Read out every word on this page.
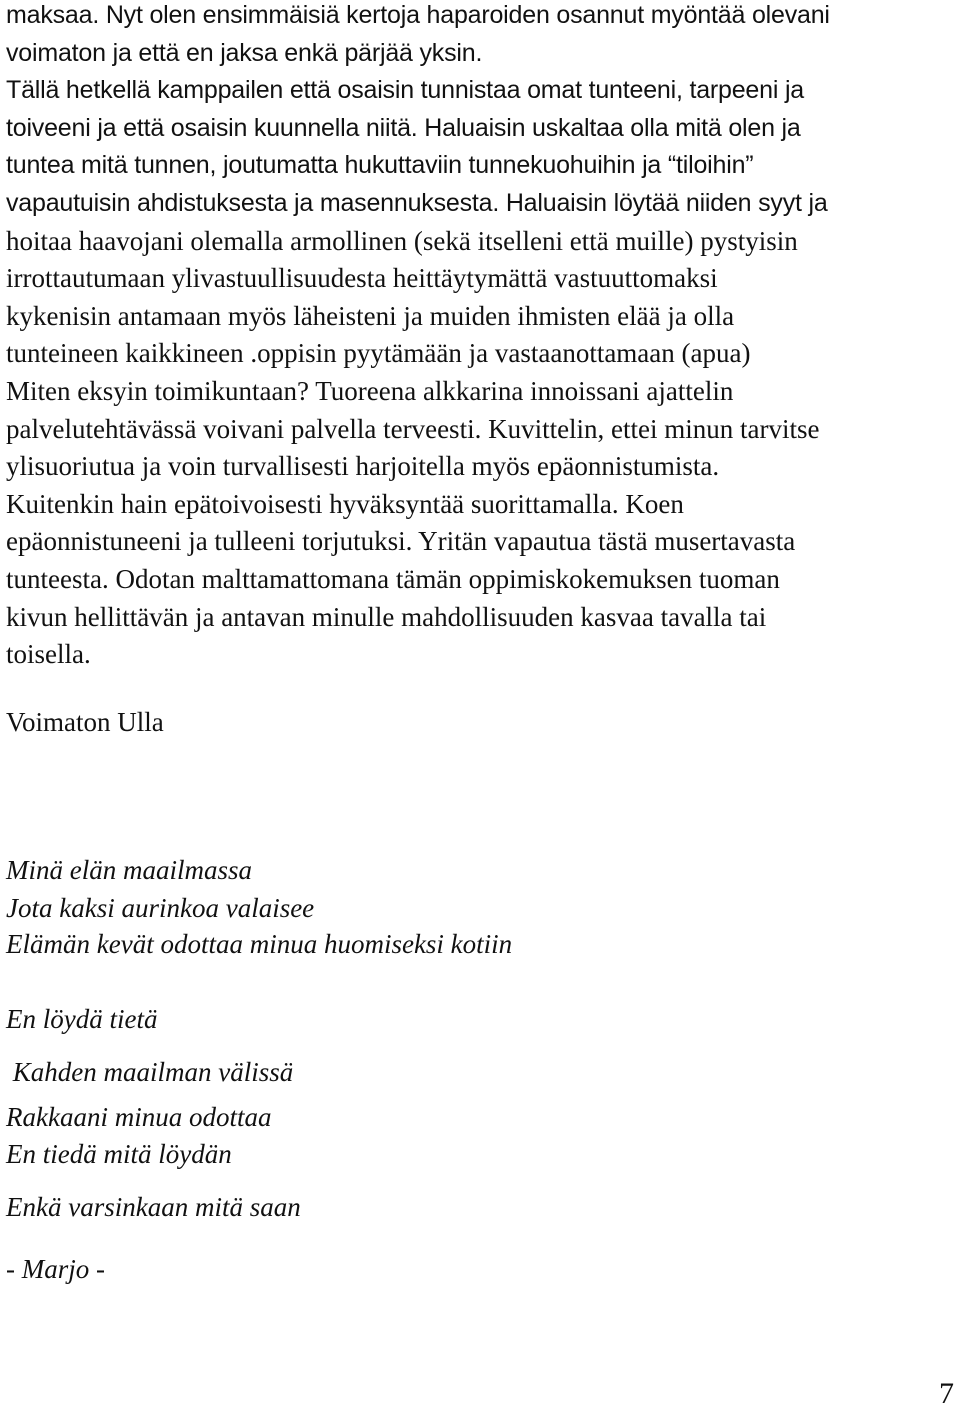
maksaa. Nyt olen ensimmäisiä kertoja haparoiden osannut myöntää olevani
voimaton ja että en jaksa enkä pärjää yksin.
Tällä hetkellä kamppailen että osaisin tunnistaa omat tunteeni, tarpeeni ja
toiveeni ja että osaisin kuunnella niitä. Haluaisin uskaltaa olla mitä olen ja
tuntea mitä tunnen, joutumatta hukuttaviin tunnekuohuihin ja “tiloihin”
vapautuisin ahdistuksesta ja masennuksesta. Haluaisin löytää niiden syyt ja
hoitaa haavojani olemalla armollinen (sekä itselleni että muille) pystyisin
irrottautumaan ylivastuullisuudesta heittäytymättä vastuuttomaksi
kykenisin antamaan myös läheisteni ja muiden ihmisten elää ja olla
tunteineen kaikkineen .oppisin pyytämään ja vastaanottamaan (apua)
Miten eksyin toimikuntaan? Tuoreena alkkarina innoissani ajattelin
palvelutehtävässä voivani palvella terveesti. Kuvittelin, ettei minun tarvitse
ylisuoriutua ja voin turvallisesti harjoitella myös epäonnistumista.
Kuitenkin hain epätoivoisesti hyväksyntää suorittamalla. Koen
epäonnistuneeni ja tulleeni torjutuksi. Yritän vapautua tästä musertavasta
tunteesta. Odotan malttamattomana tämän oppimiskokemuksen tuoman
kivun hellittävän ja antavan minulle mahdollisuuden kasvaa tavalla tai
toisella.
Voimaton Ulla
Minä elän maailmassa
Jota kaksi aurinkoa valaisee
Elämän kevät odottaa minua huomiseksi kotiin
En löydä tietä
Kahden maailman välissä
Rakkaani minua odottaa
En tiedä mitä löydän
Enkä varsinkaan mitä saan
- Marjo -
7
